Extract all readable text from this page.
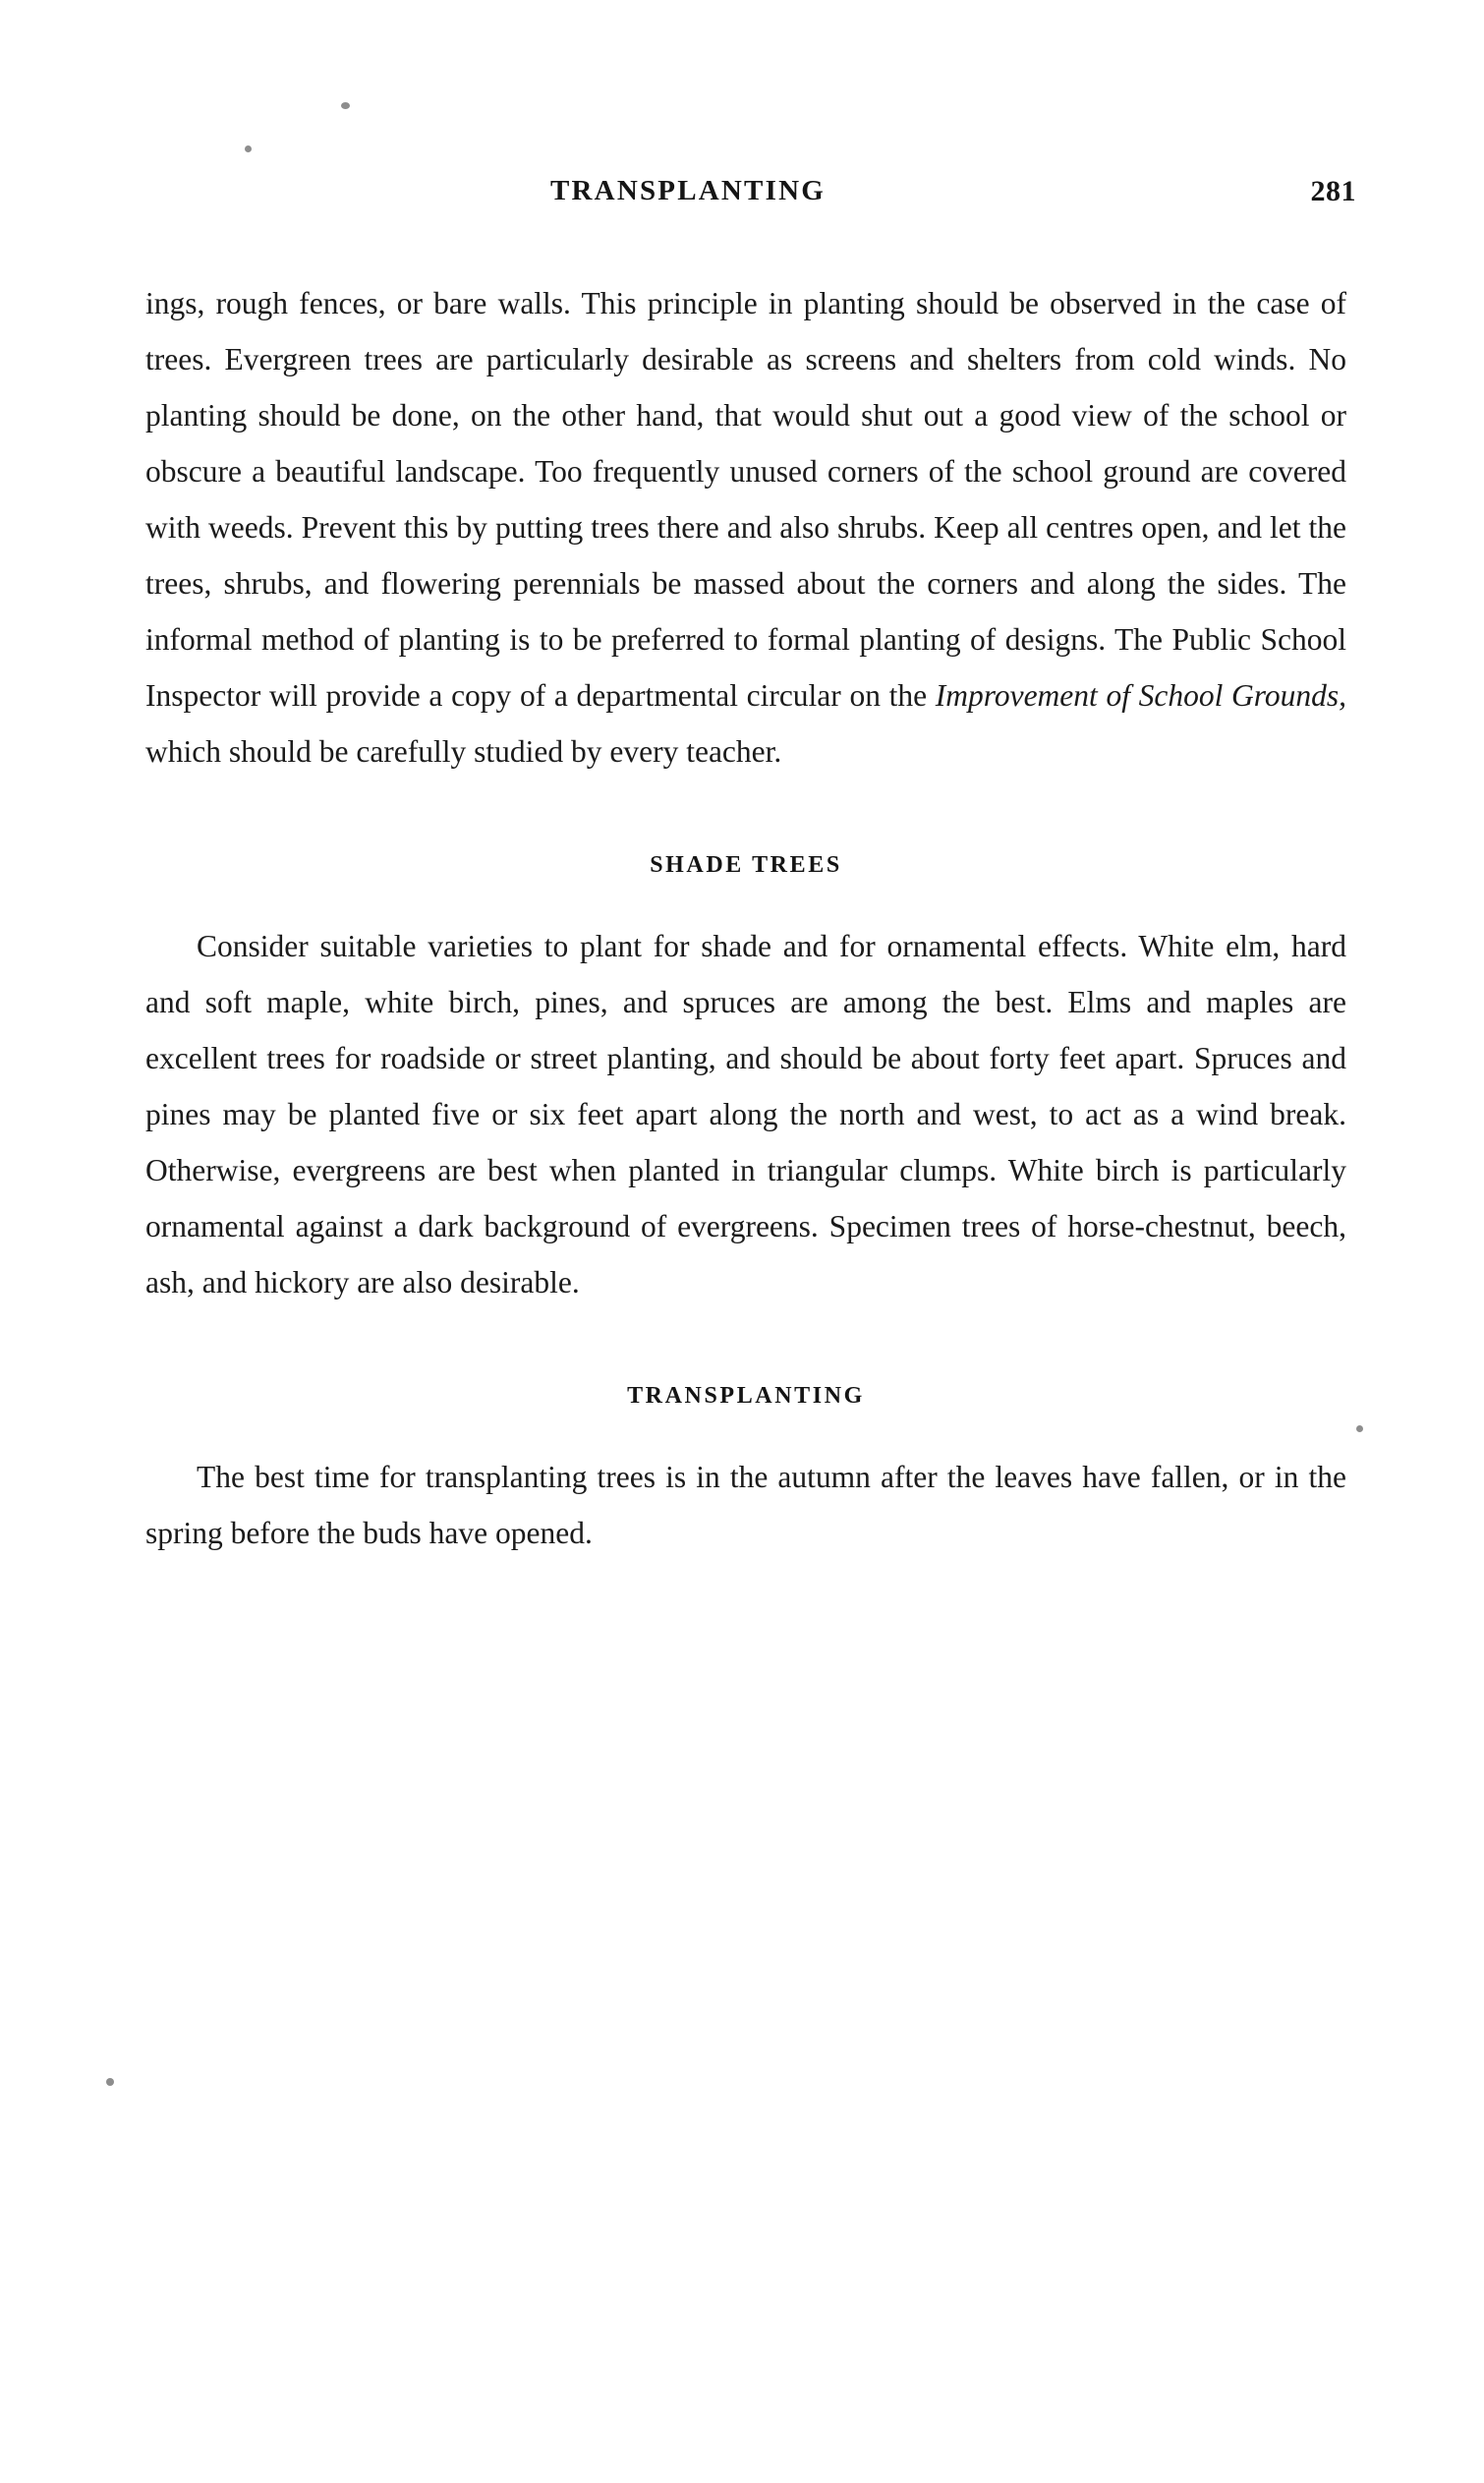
TRANSPLANTING	281

ings, rough fences, or bare walls. This principle in planting should be observed in the case of trees. Evergreen trees are particularly desirable as screens and shelters from cold winds. No planting should be done, on the other hand, that would shut out a good view of the school or obscure a beautiful landscape. Too frequently unused corners of the school ground are covered with weeds. Prevent this by putting trees there and also shrubs. Keep all centres open, and let the trees, shrubs, and flowering perennials be massed about the corners and along the sides. The informal method of planting is to be preferred to formal planting of designs. The Public School Inspector will provide a copy of a departmental circular on the Improvement of School Grounds, which should be carefully studied by every teacher.

SHADE TREES

Consider suitable varieties to plant for shade and for ornamental effects. White elm, hard and soft maple, white birch, pines, and spruces are among the best. Elms and maples are excellent trees for roadside or street planting, and should be about forty feet apart. Spruces and pines may be planted five or six feet apart along the north and west, to act as a wind break. Otherwise, evergreens are best when planted in triangular clumps. White birch is particularly ornamental against a dark background of evergreens. Specimen trees of horse-chestnut, beech, ash, and hickory are also desirable.

TRANSPLANTING

The best time for transplanting trees is in the autumn after the leaves have fallen, or in the spring before the buds have opened.
